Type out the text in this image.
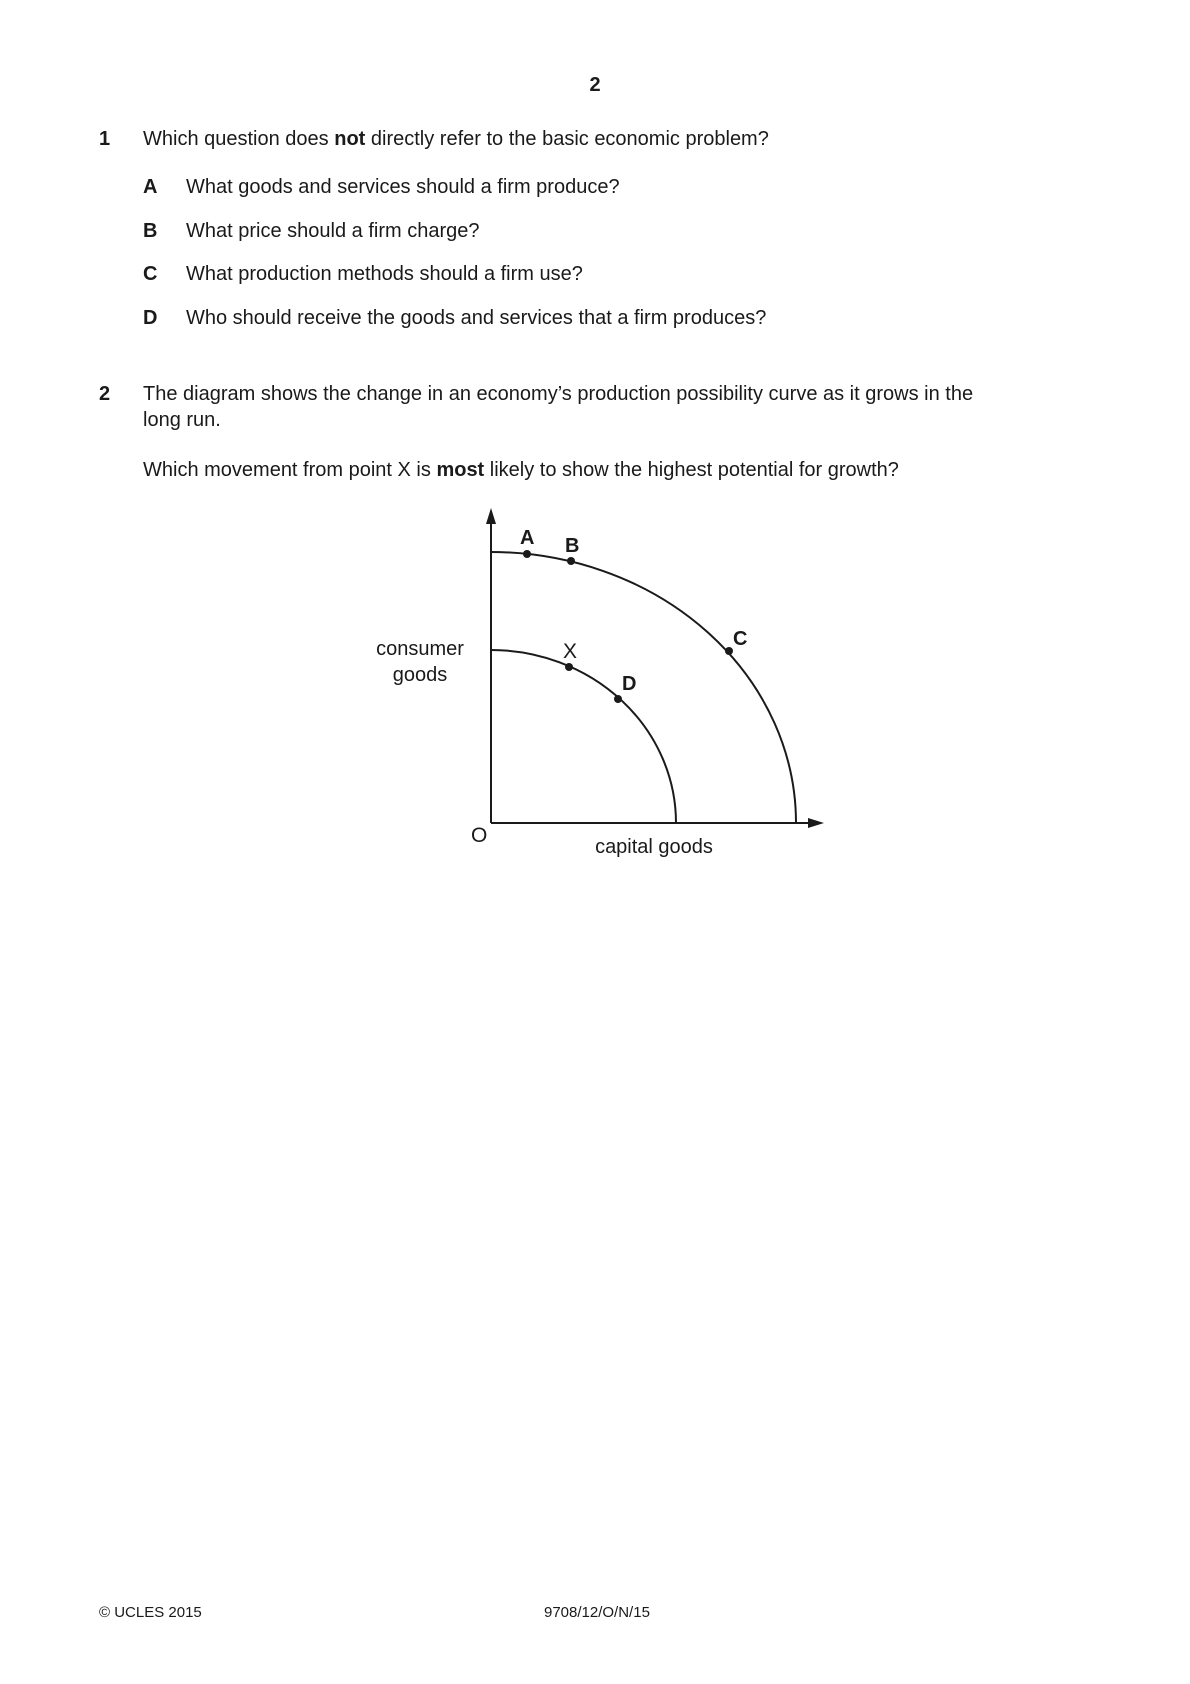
2
1 Which question does not directly refer to the basic economic problem?
A What goods and services should a firm produce?
B What price should a firm charge?
C What production methods should a firm use?
D Who should receive the goods and services that a firm produces?
2 The diagram shows the change in an economy’s production possibility curve as it grows in the
long run.
Which movement from point X is most likely to show the highest potential for growth?
A B
C
X
D
consumer
goods
O	capital goods
© UCLES 2015	9708/12/O/N/15
